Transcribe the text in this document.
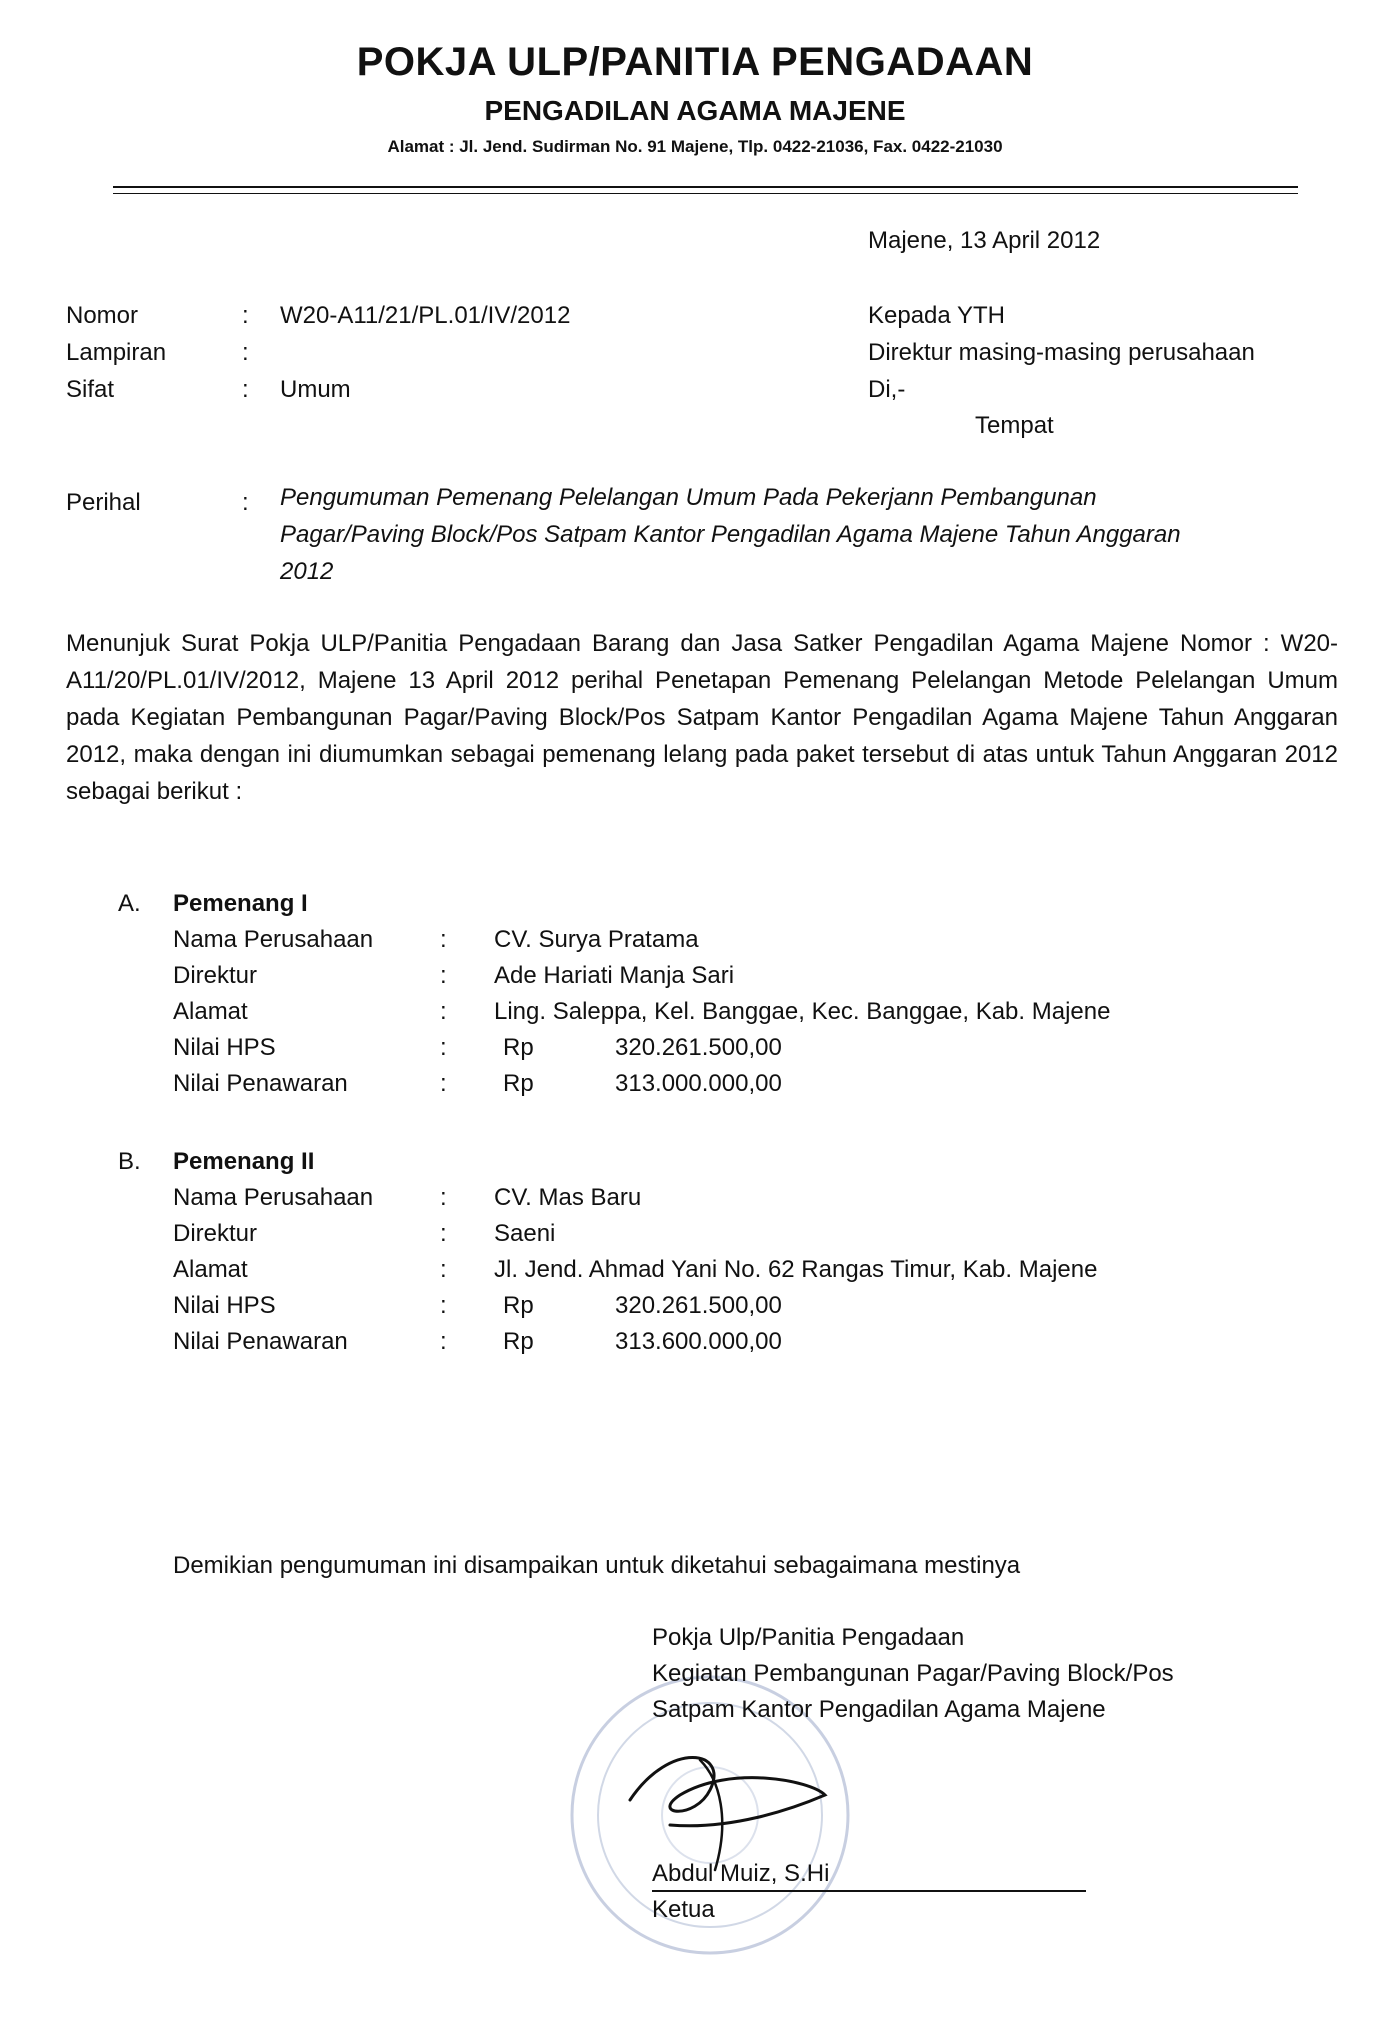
POKJA ULP/PANITIA PENGADAAN
PENGADILAN AGAMA MAJENE
Alamat : Jl. Jend. Sudirman No. 91 Majene, Tlp. 0422-21036, Fax. 0422-21030
Majene, 13 April 2012
Nomor	: W20-A11/21/PL.01/IV/2012
Lampiran	:
Sifat	: Umum
Kepada YTH
Direktur masing-masing perusahaan
Di,-
Tempat
Perihal	: Pengumuman Pemenang Pelelangan Umum Pada Pekerjann Pembangunan
Pagar/Paving Block/Pos Satpam Kantor Pengadilan Agama Majene Tahun Anggaran
2012
Menunjuk Surat Pokja ULP/Panitia Pengadaan Barang dan Jasa Satker Pengadilan Agama Majene Nomor : W20-A11/20/PL.01/IV/2012, Majene 13 April 2012 perihal Penetapan Pemenang Pelelangan Metode Pelelangan Umum pada Kegiatan Pembangunan Pagar/Paving Block/Pos Satpam Kantor Pengadilan Agama Majene Tahun Anggaran 2012, maka dengan ini diumumkan sebagai pemenang lelang pada paket tersebut di atas untuk Tahun Anggaran 2012 sebagai berikut :
A. Pemenang I
Nama Perusahaan	: CV. Surya Pratama
Direktur	: Ade Hariati Manja Sari
Alamat	: Ling. Saleppa, Kel. Banggae, Kec. Banggae, Kab. Majene
Nilai HPS	: Rp	320.261.500,00
Nilai Penawaran	: Rp	313.000.000,00
B. Pemenang II
Nama Perusahaan	: CV. Mas Baru
Direktur	: Saeni
Alamat	: Jl. Jend. Ahmad Yani No. 62 Rangas Timur, Kab. Majene
Nilai HPS	: Rp	320.261.500,00
Nilai Penawaran	: Rp	313.600.000,00
Demikian pengumuman ini disampaikan untuk diketahui sebagaimana mestinya
Pokja Ulp/Panitia Pengadaan
Kegiatan Pembangunan Pagar/Paving Block/Pos
Satpam Kantor Pengadilan Agama Majene
Abdul Muiz, S.Hi
Ketua
